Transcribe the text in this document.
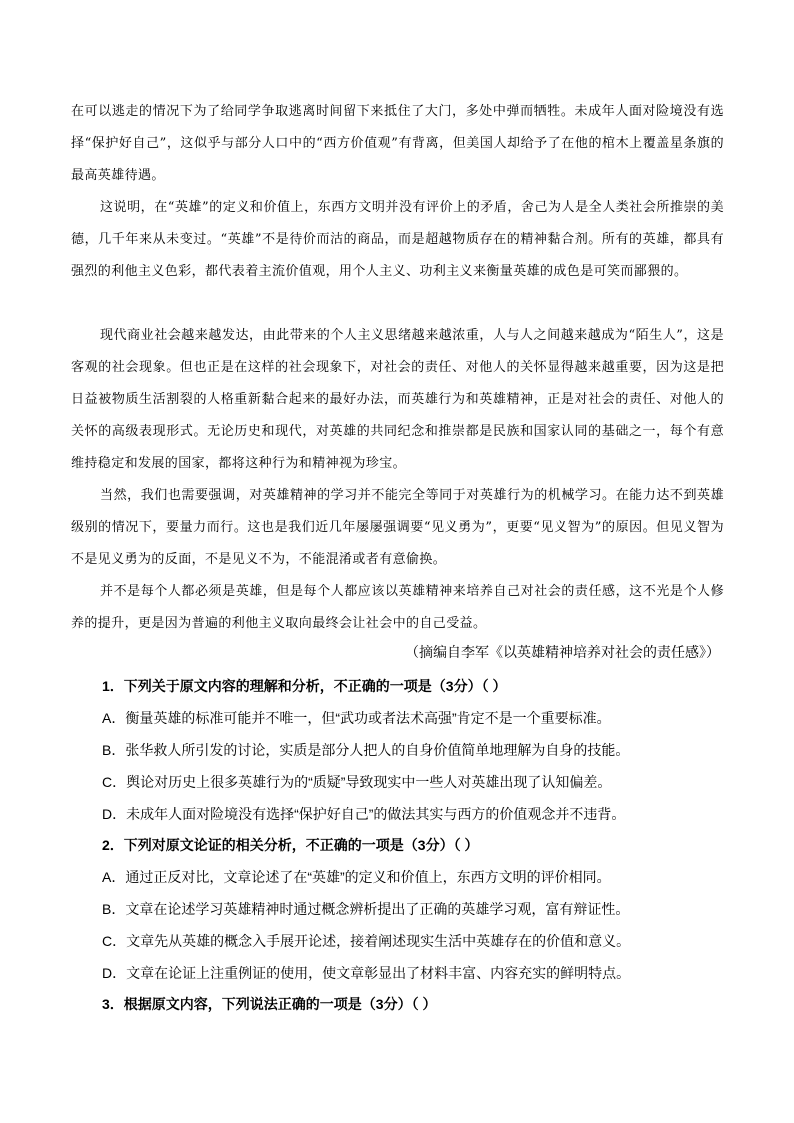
在可以逃走的情况下为了给同学争取逃离时间留下来抵住了大门，多处中弹而牺牲。未成年人面对险境没有选择“保护好自己”，这似乎与部分人口中的“西方价值观”有背离，但美国人却给予了在他的棺木上覆盖星条旗的最高英雄待遇。

这说明，在“英雄”的定义和价值上，东西方文明并没有评价上的矛盾，舍己为人是全人类社会所推崇的美德，几千年来从未变过。“英雄”不是待价而沽的商品，而是超越物质存在的精神黏合剂。所有的英雄，都具有强烈的利他主义色彩，都代表着主流价值观，用个人主义、功利主义来衡量英雄的成色是可笑而鄙猥的。

现代商业社会越来越发达，由此带来的个人主义思绪越来越浓重，人与人之间越来越成为“陌生人”，这是客观的社会现象。但也正是在这样的社会现象下，对社会的责任、对他人的关怀显得越来越重要，因为这是把日益被物质生活割裂的人格重新黏合起来的最好办法，而英雄行为和英雄精神，正是对社会的责任、对他人的关怀的高级表现形式。无论历史和现代，对英雄的共同纪念和推崇都是民族和国家认同的基础之一，每个有意维持稳定和发展的国家，都将这种行为和精神视为珍宝。

当然，我们也需要强调，对英雄精神的学习并不能完全等同于对英雄行为的机械学习。在能力达不到英雄级别的情况下，要量力而行。这也是我们近几年屡屡强调要“见义勇为”，更要“见义智为”的原因。但见义智为不是见义勇为的反面，不是见义不为，不能混淆或者有意偷换。

并不是每个人都必须是英雄，但是每个人都应该以英雄精神来培养自己对社会的责任感，这不光是个人修养的提升，更是因为普遍的利他主义取向最终会让社会中的自己受益。

（摘编自李军《以英雄精神培养对社会的责任感》）

1．下列关于原文内容的理解和分析，不正确的一项是（3分）（ ）

A．衡量英雄的标准可能并不唯一，但“武功或者法术高强”肯定不是一个重要标准。

B．张华救人所引发的讨论，实质是部分人把人的自身价值简单地理解为自身的技能。

C．舆论对历史上很多英雄行为的“质疑”导致现实中一些人对英雄出现了认知偏差。

D．未成年人面对险境没有选择“保护好自己”的做法其实与西方的价值观念并不违背。

2．下列对原文论证的相关分析，不正确的一项是（3分）（ ）

A．通过正反对比，文章论述了在“英雄”的定义和价值上，东西方文明的评价相同。

B．文章在论述学习英雄精神时通过概念辨析提出了正确的英雄学习观，富有辩证性。

C．文章先从英雄的概念入手展开论述，接着阐述现实生活中英雄存在的价值和意义。

D．文章在论证上注重例证的使用，使文章彰显出了材料丰富、内容充实的鲜明特点。

3．根据原文内容，下列说法正确的一项是（3分）（ ）
